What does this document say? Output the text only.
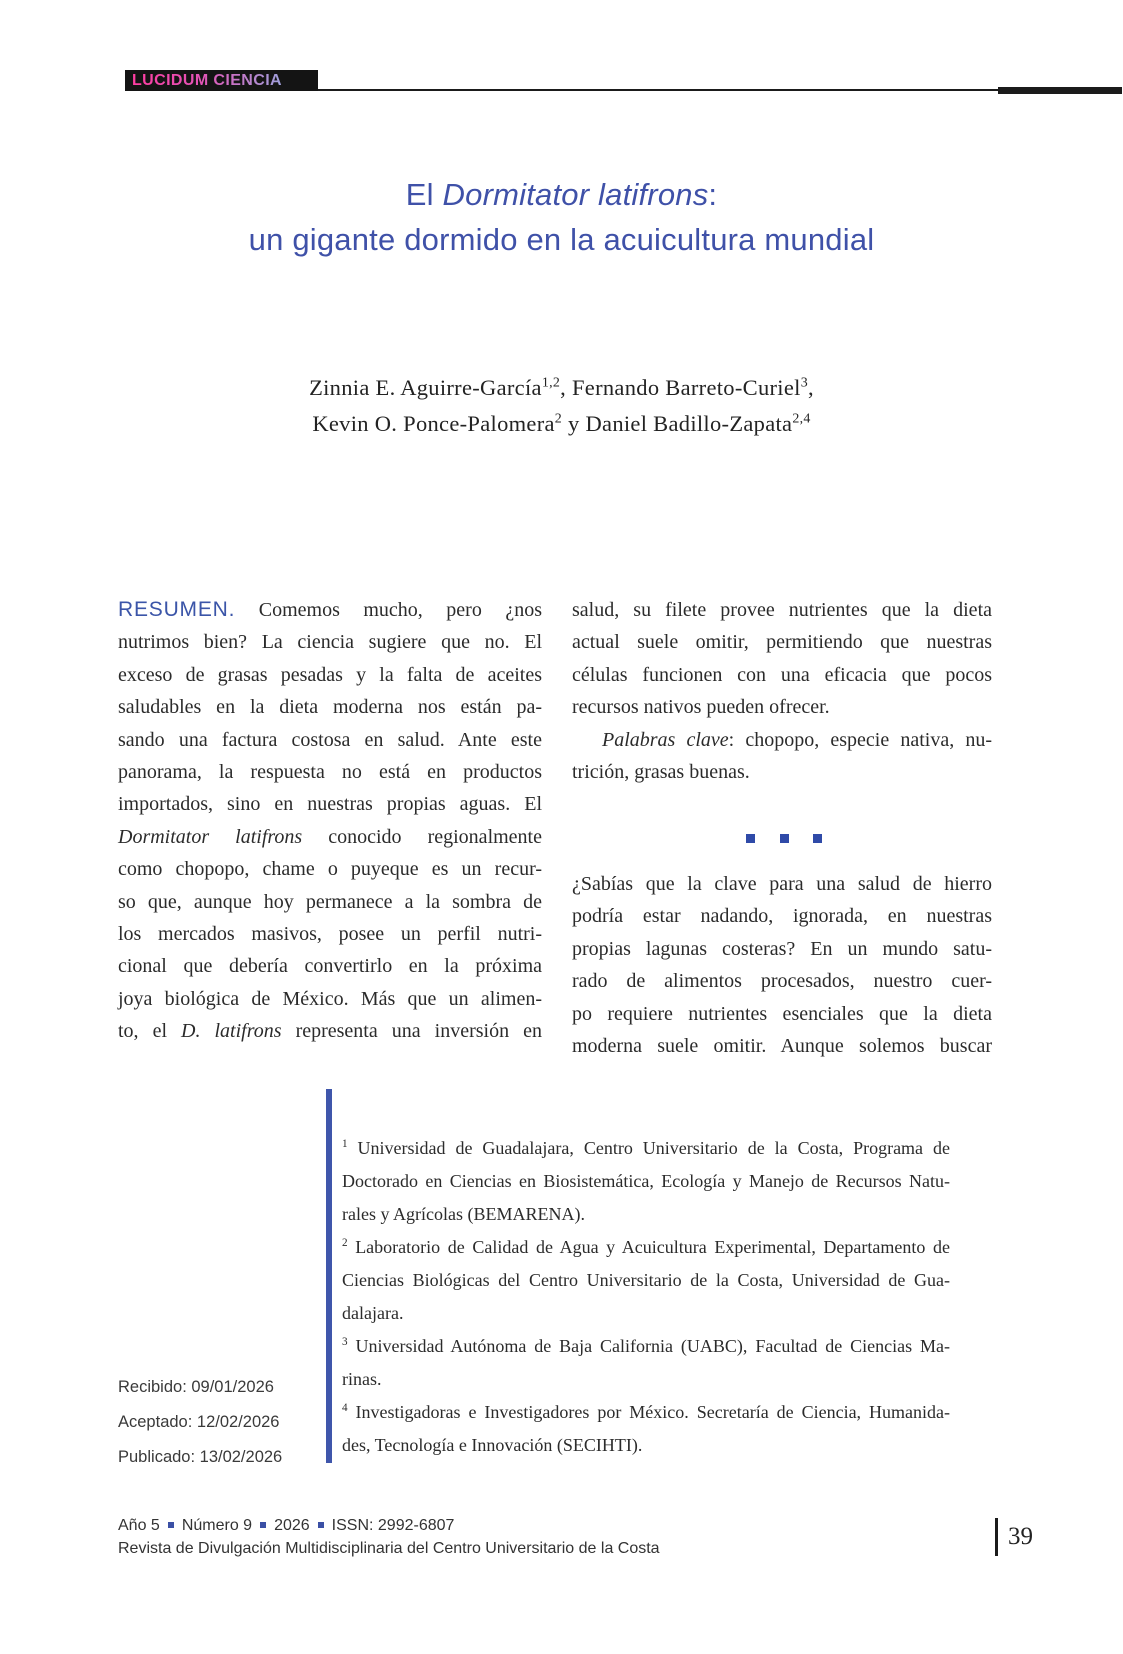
LUCIDUM CIENCIA
El Dormitator latifrons:
un gigante dormido en la acuicultura mundial
Zinnia E. Aguirre-García$^{1,2}$, Fernando Barreto-Curiel$^3$,
Kevin O. Ponce-Palomera$^2$ y Daniel Badillo-Zapata$^{2,4}$
RESUMEN. Comemos mucho, pero ¿nos
nutrimos bien? La ciencia sugiere que no. El
exceso de grasas pesadas y la falta de aceites
saludables en la dieta moderna nos están pa-
sando una factura costosa en salud. Ante este
panorama, la respuesta no está en productos
importados, sino en nuestras propias aguas. El
Dormitator latifrons conocido regionalmente
como chopopo, chame o puyeque es un recur-
so que, aunque hoy permanece a la sombra de
los mercados masivos, posee un perfil nutri-
cional que debería convertirlo en la próxima
joya biológica de México. Más que un alimen-
to, el D. latifrons representa una inversión en
salud, su filete provee nutrientes que la dieta
actual suele omitir, permitiendo que nuestras
células funcionen con una eficacia que pocos
recursos nativos pueden ofrecer.
Palabras clave: chopopo, especie nativa, nu-
trición, grasas buenas.
¿Sabías que la clave para una salud de hierro
podría estar nadando, ignorada, en nuestras
propias lagunas costeras? En un mundo satu-
rado de alimentos procesados, nuestro cuer-
po requiere nutrientes esenciales que la dieta
moderna suele omitir. Aunque solemos buscar
$^1$ Universidad de Guadalajara, Centro Universitario de la Costa, Programa de
Doctorado en Ciencias en Biosistemática, Ecología y Manejo de Recursos Natu-
rales y Agrícolas (BEMARENA).
$^2$ Laboratorio de Calidad de Agua y Acuicultura Experimental, Departamento de
Ciencias Biológicas del Centro Universitario de la Costa, Universidad de Gua-
dalajara.
$^3$ Universidad Autónoma de Baja California (UABC), Facultad de Ciencias Ma-
rinas.
$^4$ Investigadoras e Investigadores por México. Secretaría de Ciencia, Humanida-
des, Tecnología e Innovación (SECIHTI).
Recibido: 09/01/2026
Aceptado: 12/02/2026
Publicado: 13/02/2026
Año 5 Número 9 2026 ISSN: 2992-6807
Revista de Divulgación Multidisciplinaria del Centro Universitario de la Costa	39
